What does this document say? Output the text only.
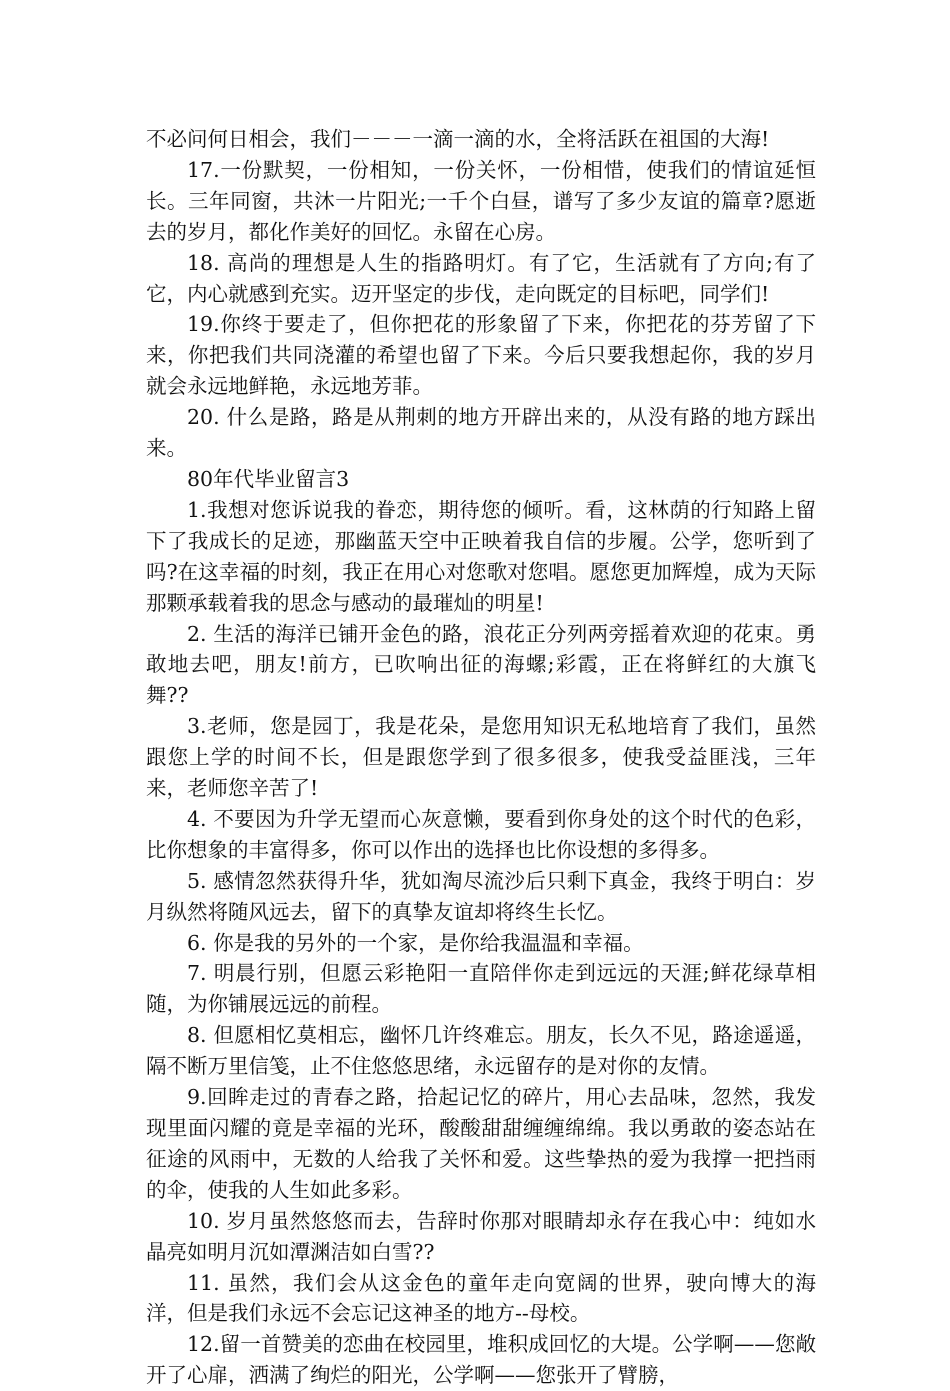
不必问何日相会，我们－－－一滴一滴的水，全将活跃在祖国的大海!

17.一份默契，一份相知，一份关怀，一份相惜，使我们的情谊延恒长。三年同窗，共沐一片阳光;一千个白昼，谱写了多少友谊的篇章?愿逝去的岁月，都化作美好的回忆。永留在心房。

18. 高尚的理想是人生的指路明灯。有了它，生活就有了方向;有了它，内心就感到充实。迈开坚定的步伐，走向既定的目标吧，同学们!

19.你终于要走了，但你把花的形象留了下来，你把花的芬芳留了下来，你把我们共同浇灌的希望也留了下来。今后只要我想起你，我的岁月就会永远地鲜艳，永远地芳菲。

20. 什么是路，路是从荆刺的地方开辟出来的，从没有路的地方踩出来。

80年代毕业留言3

1.我想对您诉说我的眷恋，期待您的倾听。看，这林荫的行知路上留下了我成长的足迹，那幽蓝天空中正映着我自信的步履。公学，您听到了吗?在这幸福的时刻，我正在用心对您歌对您唱。愿您更加辉煌，成为天际那颗承载着我的思念与感动的最璀灿的明星!

2. 生活的海洋已铺开金色的路，浪花正分列两旁摇着欢迎的花束。勇敢地去吧，朋友!前方，已吹响出征的海螺;彩霞，正在将鲜红的大旗飞舞??

3.老师，您是园丁，我是花朵，是您用知识无私地培育了我们，虽然跟您上学的时间不长，但是跟您学到了很多很多，使我受益匪浅，三年来，老师您辛苦了!

4. 不要因为升学无望而心灰意懒，要看到你身处的这个时代的色彩，比你想象的丰富得多，你可以作出的选择也比你设想的多得多。

5. 感情忽然获得升华，犹如淘尽流沙后只剩下真金，我终于明白：岁月纵然将随风远去，留下的真挚友谊却将终生长忆。

6. 你是我的另外的一个家，是你给我温温和幸福。

7. 明晨行别，但愿云彩艳阳一直陪伴你走到远远的天涯;鲜花绿草相随，为你铺展远远的前程。

8. 但愿相忆莫相忘，幽怀几许终难忘。朋友，长久不见，路途遥遥，隔不断万里信笺，止不住悠悠思绪，永远留存的是对你的友情。

9.回眸走过的青春之路，拾起记忆的碎片，用心去品味，忽然，我发现里面闪耀的竟是幸福的光环，酸酸甜甜缠缠绵绵。我以勇敢的姿态站在征途的风雨中，无数的人给我了关怀和爱。这些挚热的爱为我撑一把挡雨的伞，使我的人生如此多彩。

10. 岁月虽然悠悠而去，告辞时你那对眼睛却永存在我心中：纯如水晶亮如明月沉如潭渊洁如白雪??

11. 虽然，我们会从这金色的童年走向宽阔的世界，驶向博大的海洋，但是我们永远不会忘记这神圣的地方--母校。

12.留一首赞美的恋曲在校园里，堆积成回忆的大堤。公学啊——您敞开了心扉，洒满了绚烂的阳光，公学啊——您张开了臂膀，
